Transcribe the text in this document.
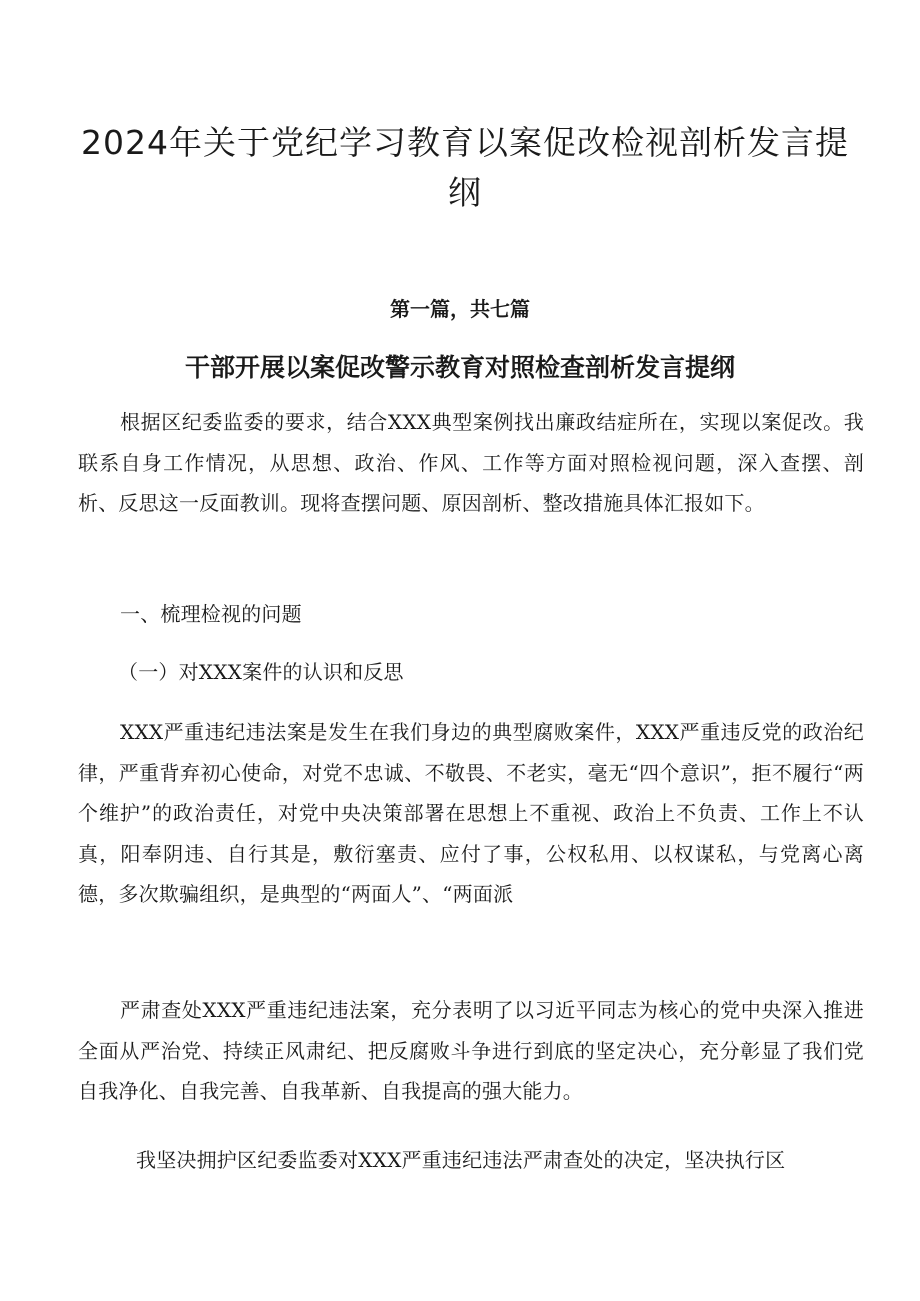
2024年关于党纪学习教育以案促改检视剖析发言提纲
第一篇，共七篇
干部开展以案促改警示教育对照检查剖析发言提纲

根据区纪委监委的要求，结合XXX典型案例找出廉政结症所在，实现以案促改。我联系自身工作情况，从思想、政治、作风、工作等方面对照检视问题，深入查摆、剖析、反思这一反面教训。现将查摆问题、原因剖析、整改措施具体汇报如下。

一、梳理检视的问题

（一）对XXX案件的认识和反思

XXX严重违纪违法案是发生在我们身边的典型腐败案件，XXX严重违反党的政治纪律，严重背弃初心使命，对党不忠诚、不敬畏、不老实，毫无“四个意识”，拒不履行“两个维护”的政治责任，对党中央决策部署在思想上不重视、政治上不负责、工作上不认真，阳奉阴违、自行其是，敷衍塞责、应付了事，公权私用、以权谋私，与党离心离德，多次欺骗组织，是典型的“两面人”、“两面派

严肃查处XXX严重违纪违法案，充分表明了以习近平同志为核心的党中央深入推进全面从严治党、持续正风肃纪、把反腐败斗争进行到底的坚定决心，充分彰显了我们党自我净化、自我完善、自我革新、自我提高的强大能力。

我坚决拥护区纪委监委对XXX严重违纪违法严肃查处的决定，坚决执行区
